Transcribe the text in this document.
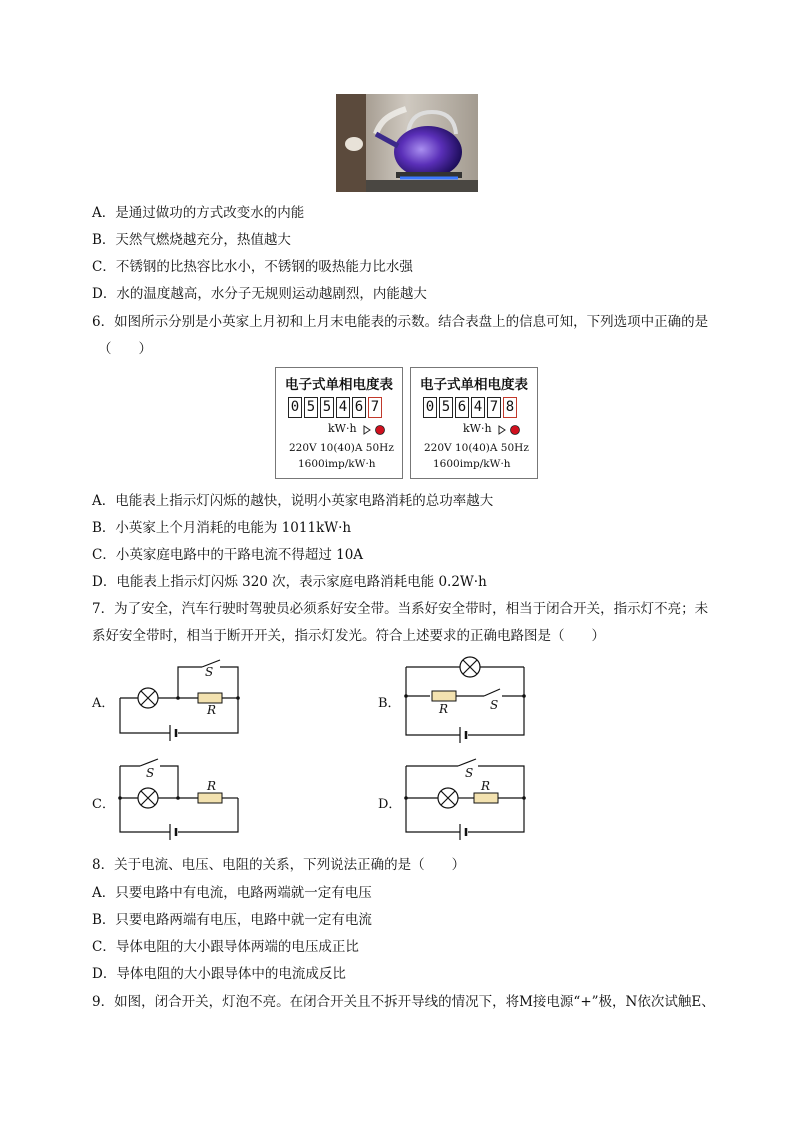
A．是通过做功的方式改变水的内能
B．天然气燃烧越充分，热值越大
C．不锈钢的比热容比水小，不锈钢的吸热能力比水强
D．水的温度越高，水分子无规则运动越剧烈，内能越大
6．如图所示分别是小英家上月初和上月末电能表的示数。结合表盘上的信息可知，下列选项中正确的是
（　　）
电子式单相电度表
0 5 5 4 6 7
kW·h
220V 10(40)A 50Hz
1600imp/kW·h
电子式单相电度表
0 5 6 4 7 8
kW·h
220V 10(40)A 50Hz
1600imp/kW·h
A．电能表上指示灯闪烁的越快，说明小英家电路消耗的总功率越大
B．小英家上个月消耗的电能为 1011kW·h
C．小英家庭电路中的干路电流不得超过 10A
D．电能表上指示灯闪烁 320 次，表示家庭电路消耗电能 0.2W·h
7．为了安全，汽车行驶时驾驶员必须系好安全带。当系好安全带时，相当于闭合开关，指示灯不亮；未
系好安全带时，相当于断开开关，指示灯发光。符合上述要求的正确电路图是（　　）
A．	B．
C．	D．
S
R	R	S
S
R
S
R
8．关于电流、电压、电阻的关系，下列说法正确的是（　　）
A．只要电路中有电流，电路两端就一定有电压
B．只要电路两端有电压，电路中就一定有电流
C．导体电阻的大小跟导体两端的电压成正比
D．导体电阻的大小跟导体中的电流成反比
9．如图，闭合开关，灯泡不亮。在闭合开关且不拆开导线的情况下，将M接电源“+”极，N依次试触E、
